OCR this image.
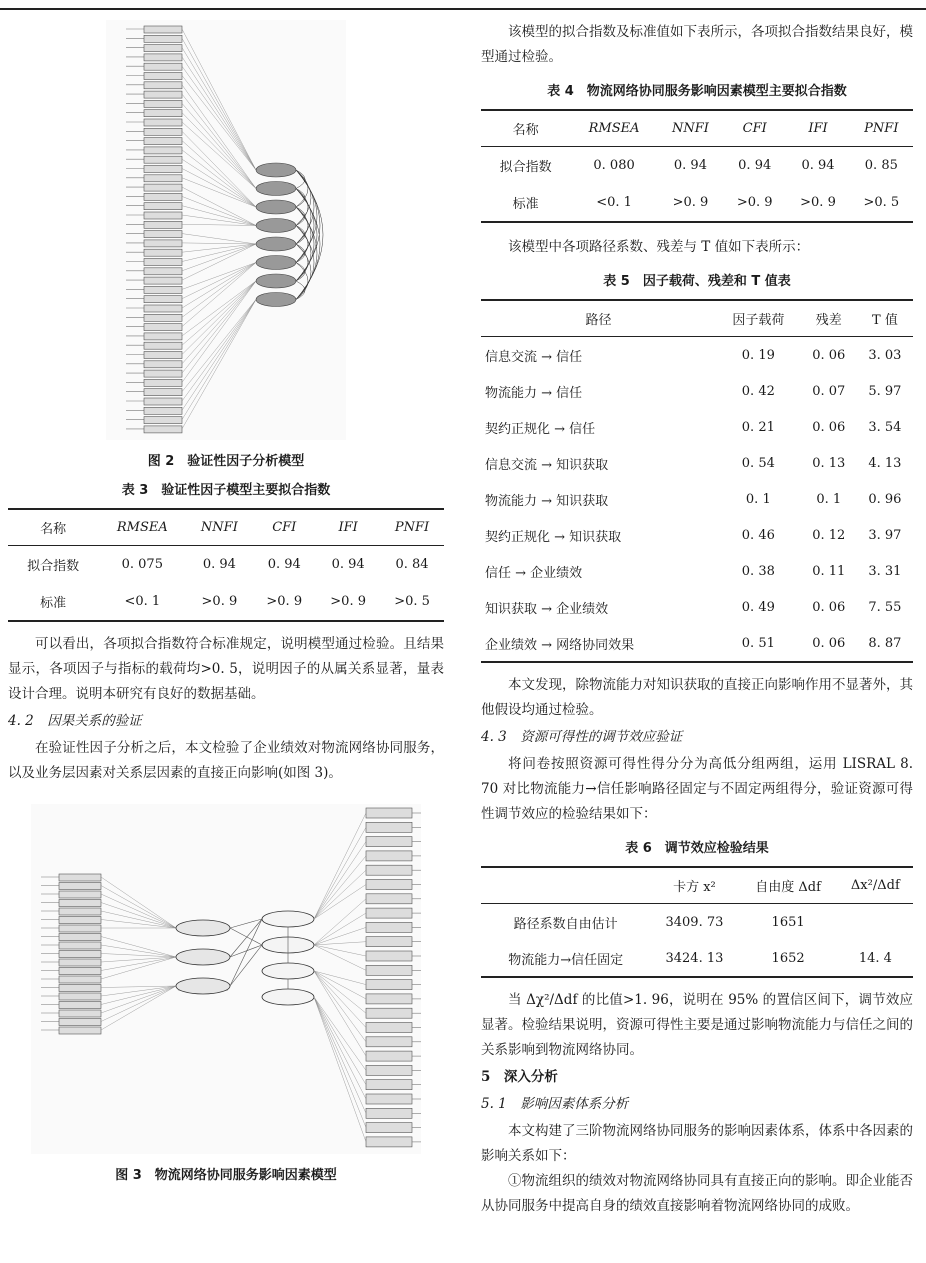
图 2　验证性因子分析模型
表 3　验证性因子模型主要拟合指数
名称	RMSEA	NNFI	CFI	IFI	PNFI
拟合指数	0. 075	0. 94	0. 94	0. 94	0. 84
标准	<0. 1	>0. 9	>0. 9	>0. 9	>0. 5

可以看出，各项拟合指数符合标准规定，说明模型通过检验。且结果显示，各项因子与指标的载荷均>0. 5，说明因子的从属关系显著，量表设计合理。说明本研究有良好的数据基础。

4. 2　因果关系的验证

在验证性因子分析之后，本文检验了企业绩效对物流网络协同服务，以及业务层因素对关系层因素的直接正向影响(如图 3)。

图 3　物流网络协同服务影响因素模型

该模型的拟合指数及标准值如下表所示，各项拟合指数结果良好，模型通过检验。

表 4　物流网络协同服务影响因素模型主要拟合指数
名称	RMSEA	NNFI	CFI	IFI	PNFI
拟合指数	0. 080	0. 94	0. 94	0. 94	0. 85
标准	<0. 1	>0. 9	>0. 9	>0. 9	>0. 5

该模型中各项路径系数、残差与 T 值如下表所示：

表 5　因子载荷、残差和 T 值表
路径	因子载荷	残差	T 值
信息交流 → 信任	0. 19	0. 06	3. 03
物流能力 → 信任	0. 42	0. 07	5. 97
契约正规化 → 信任	0. 21	0. 06	3. 54
信息交流 → 知识获取	0. 54	0. 13	4. 13
物流能力 → 知识获取	0. 1	0. 1	0. 96
契约正规化 → 知识获取	0. 46	0. 12	3. 97
信任 → 企业绩效	0. 38	0. 11	3. 31
知识获取 → 企业绩效	0. 49	0. 06	7. 55
企业绩效 → 网络协同效果	0. 51	0. 06	8. 87

本文发现，除物流能力对知识获取的直接正向影响作用不显著外，其他假设均通过检验。

4. 3　资源可得性的调节效应验证

将问卷按照资源可得性得分分为高低分组两组，运用 LISRAL 8. 70 对比物流能力→信任影响路径固定与不固定两组得分，验证资源可得性调节效应的检验结果如下：

表 6　调节效应检验结果
	卡方 x²	自由度 Δdf	Δx²/Δdf
路径系数自由估计	3409. 73	1651	
物流能力→信任固定	3424. 13	1652	14. 4

当 Δχ²/Δdf 的比值>1. 96，说明在 95% 的置信区间下，调节效应显著。检验结果说明，资源可得性主要是通过影响物流能力与信任之间的关系影响到物流网络协同。

5　深入分析
5. 1　影响因素体系分析

本文构建了三阶物流网络协同服务的影响因素体系，体系中各因素的影响关系如下：

①物流组织的绩效对物流网络协同具有直接正向的影响。即企业能否从协同服务中提高自身的绩效直接影响着物流网络协同的成败。
